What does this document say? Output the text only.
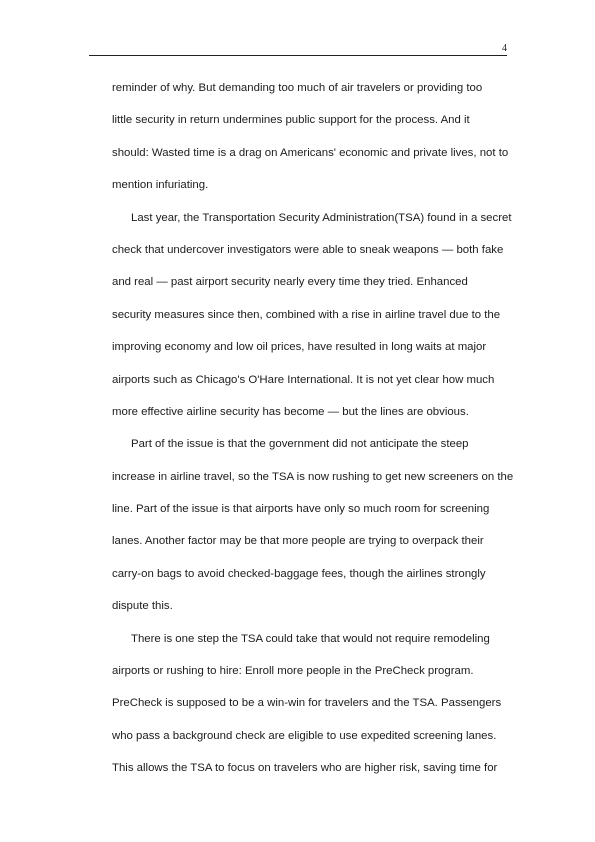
4
reminder of why. But demanding too much of air travelers or providing too
little security in return undermines public support for the process. And it
should: Wasted time is a drag on Americans' economic and private lives, not to
mention infuriating.
Last year, the Transportation Security Administration(TSA) found in a secret
check that undercover investigators were able to sneak weapons — both fake
and real — past airport security nearly every time they tried. Enhanced
security measures since then, combined with a rise in airline travel due to the
improving economy and low oil prices, have resulted in long waits at major
airports such as Chicago's O'Hare International. It is not yet clear how much
more effective airline security has become — but the lines are obvious.
Part of the issue is that the government did not anticipate the steep
increase in airline travel, so the TSA is now rushing to get new screeners on the
line. Part of the issue is that airports have only so much room for screening
lanes. Another factor may be that more people are trying to overpack their
carry-on bags to avoid checked-baggage fees, though the airlines strongly
dispute this.
There is one step the TSA could take that would not require remodeling
airports or rushing to hire: Enroll more people in the PreCheck program.
PreCheck is supposed to be a win-win for travelers and the TSA. Passengers
who pass a background check are eligible to use expedited screening lanes.
This allows the TSA to focus on travelers who are higher risk, saving time for
